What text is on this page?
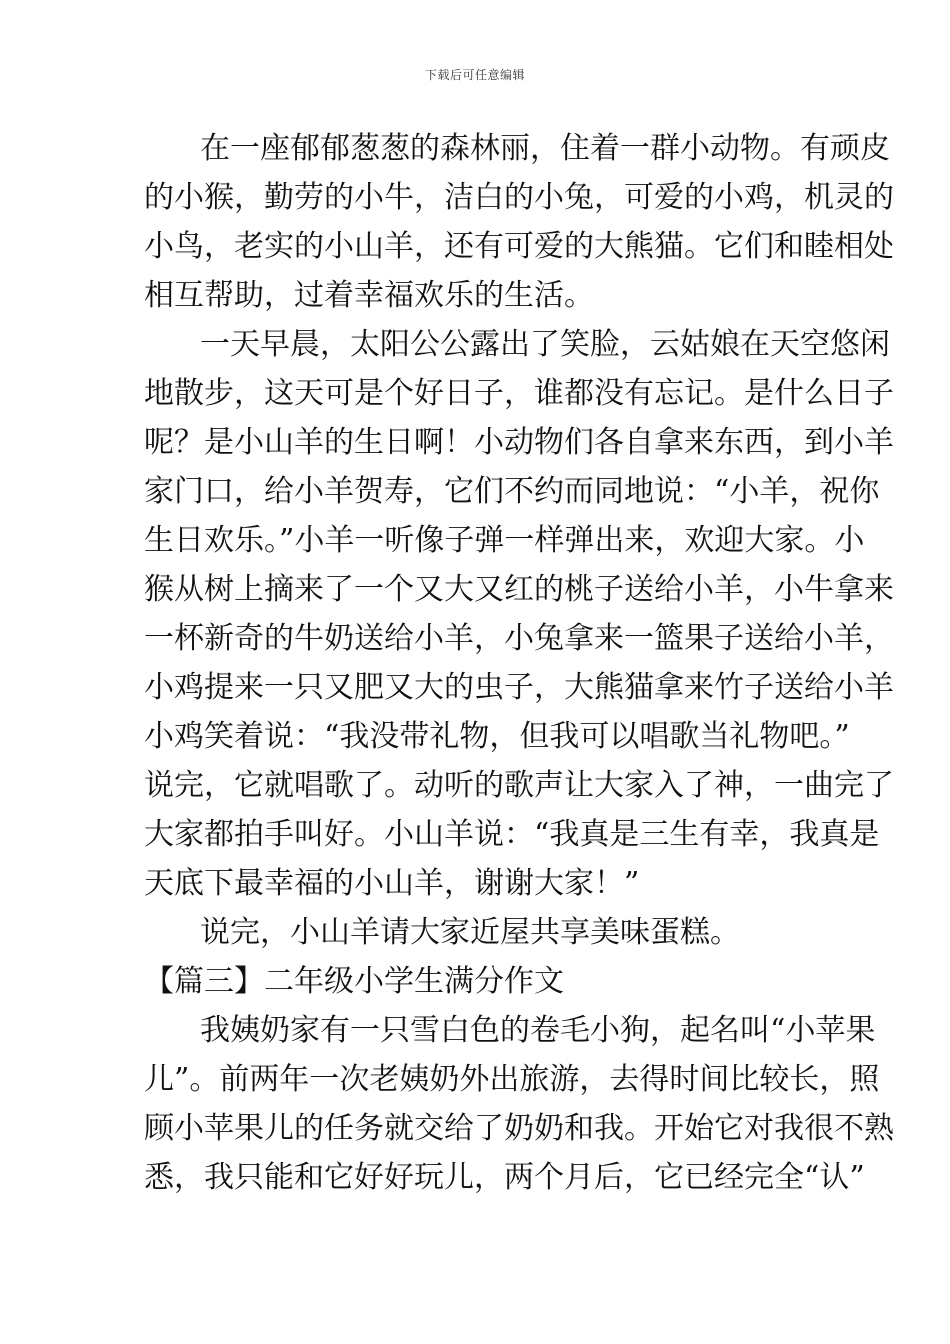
下载后可任意编辑
在一座郁郁葱葱的森林丽，住着一群小动物。有顽皮
的小猴，勤劳的小牛，洁白的小兔，可爱的小鸡，机灵的
小鸟，老实的小山羊，还有可爱的大熊猫。它们和睦相处
相互帮助，过着幸福欢乐的生活。
一天早晨，太阳公公露出了笑脸，云姑娘在天空悠闲
地散步，这天可是个好日子，谁都没有忘记。是什么日子
呢？是小山羊的生日啊！小动物们各自拿来东西，到小羊
家门口，给小羊贺寿，它们不约而同地说：“小羊，祝你
生日欢乐。”小羊一听像子弹一样弹出来，欢迎大家。小
猴从树上摘来了一个又大又红的桃子送给小羊，小牛拿来
一杯新奇的牛奶送给小羊，小兔拿来一篮果子送给小羊，
小鸡提来一只又肥又大的虫子，大熊猫拿来竹子送给小羊
小鸡笑着说：“我没带礼物，但我可以唱歌当礼物吧。”
说完，它就唱歌了。动听的歌声让大家入了神，一曲完了
大家都拍手叫好。小山羊说：“我真是三生有幸，我真是
天底下最幸福的小山羊，谢谢大家！”
说完，小山羊请大家近屋共享美味蛋糕。
【篇三】二年级小学生满分作文
我姨奶家有一只雪白色的卷毛小狗，起名叫“小苹果
儿”。前两年一次老姨奶外出旅游，去得时间比较长，照
顾小苹果儿的任务就交给了奶奶和我。开始它对我很不熟
悉，我只能和它好好玩儿，两个月后，它已经完全“认”
